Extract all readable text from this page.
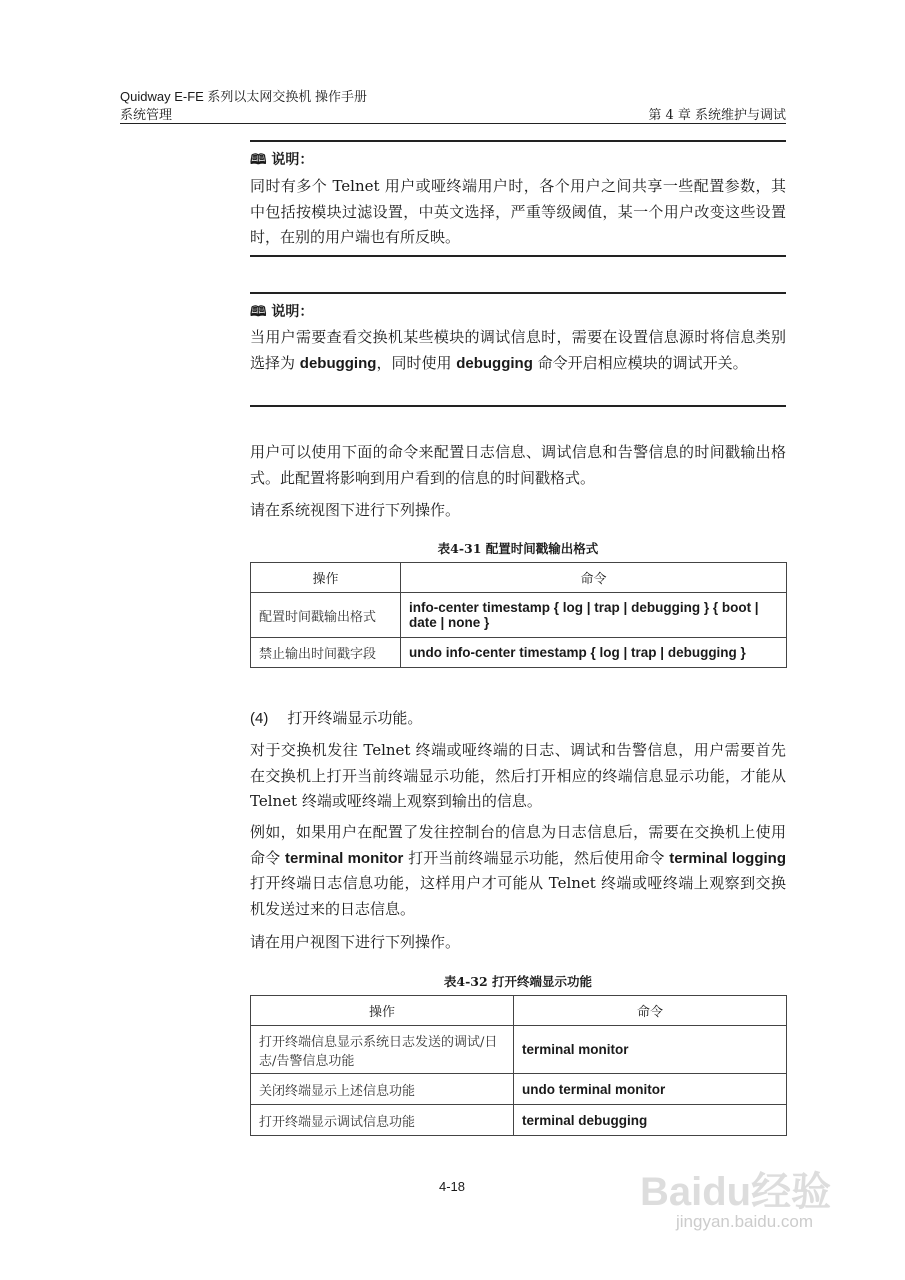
Quidway E-FE 系列以太网交换机 操作手册
系统管理	第 4 章 系统维护与调试
🕮 说明：
同时有多个 Telnet 用户或哑终端用户时，各个用户之间共享一些配置参数，其中包括按模块过滤设置，中英文选择，严重等级阈值，某一个用户改变这些设置时，在别的用户端也有所反映。
🕮 说明：
当用户需要查看交换机某些模块的调试信息时，需要在设置信息源时将信息类别选择为 debugging，同时使用 debugging 命令开启相应模块的调试开关。
用户可以使用下面的命令来配置日志信息、调试信息和告警信息的时间戳输出格式。此配置将影响到用户看到的信息的时间戳格式。
请在系统视图下进行下列操作。
表4-31 配置时间戳输出格式
操作	命令
配置时间戳输出格式	info-center timestamp { log | trap | debugging } { boot | date | none }
禁止输出时间戳字段	undo info-center timestamp { log | trap | debugging }
(4) 打开终端显示功能。
对于交换机发往 Telnet 终端或哑终端的日志、调试和告警信息，用户需要首先在交换机上打开当前终端显示功能，然后打开相应的终端信息显示功能，才能从 Telnet 终端或哑终端上观察到输出的信息。
例如，如果用户在配置了发往控制台的信息为日志信息后，需要在交换机上使用命令 terminal monitor 打开当前终端显示功能，然后使用命令 terminal logging 打开终端日志信息功能，这样用户才可能从 Telnet 终端或哑终端上观察到交换机发送过来的日志信息。
请在用户视图下进行下列操作。
表4-32 打开终端显示功能
操作	命令
打开终端信息显示系统日志发送的调试/日志/告警信息功能	terminal monitor
关闭终端显示上述信息功能	undo terminal monitor
打开终端显示调试信息功能	terminal debugging
4-18	Baidu经验
jingyan.baidu.com
